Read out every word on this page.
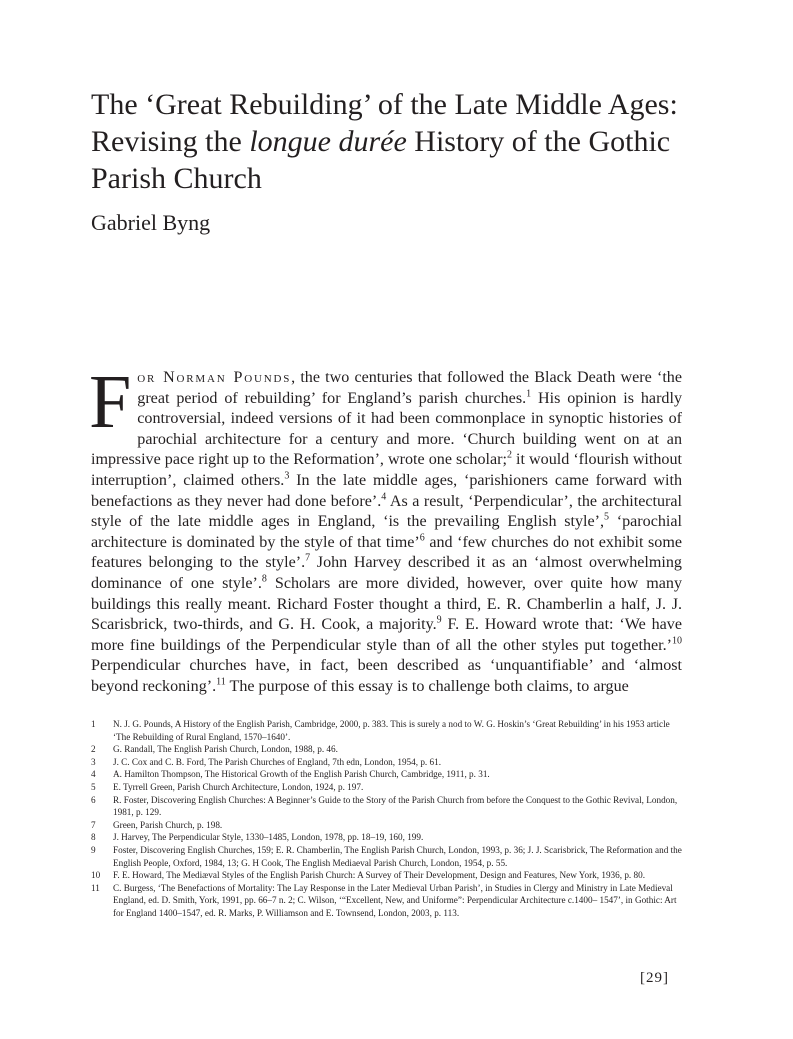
The ‘Great Rebuilding’ of the Late Middle Ages: Revising the longue durée History of the Gothic Parish Church
Gabriel Byng

For Norman Pounds, the two centuries that followed the Black Death were ‘the great period of rebuilding’ for England’s parish churches.$^1$ His opinion is hardly controversial, indeed versions of it had been commonplace in synoptic histories of parochial architecture for a century and more. ‘Church building went on at an impressive pace right up to the Reformation’, wrote one scholar;$^2$ it would ‘flourish without interruption’, claimed others.$^3$ In the late middle ages, ‘parishioners came forward with benefactions as they never had done before’.$^4$ As a result, ‘Perpendicular’, the architectural style of the late middle ages in England, ‘is the prevailing English style’,$^5$ ‘parochial architecture is dominated by the style of that time’$^6$ and ‘few churches do not exhibit some features belonging to the style’.$^7$ John Harvey described it as an ‘almost overwhelming dominance of one style’.$^8$ Scholars are more divided, however, over quite how many buildings this really meant. Richard Foster thought a third, E. R. Chamberlin a half, J. J. Scarisbrick, two-thirds, and G. H. Cook, a majority.$^9$ F. E. Howard wrote that: ‘We have more fine buildings of the Perpendicular style than of all the other styles put together.’$^{10}$ Perpendicular churches have, in fact, been described as ‘unquantifiable’ and ‘almost beyond reckoning’.$^{11}$ The purpose of this essay is to challenge both claims, to argue

1 N. J. G. Pounds, A History of the English Parish, Cambridge, 2000, p. 383. This is surely a nod to W. G. Hoskin’s ‘Great Rebuilding’ in his 1953 article ‘The Rebuilding of Rural England, 1570–1640’.
2 G. Randall, The English Parish Church, London, 1988, p. 46.
3 J. C. Cox and C. B. Ford, The Parish Churches of England, 7th edn, London, 1954, p. 61.
4 A. Hamilton Thompson, The Historical Growth of the English Parish Church, Cambridge, 1911, p. 31.
5 E. Tyrrell Green, Parish Church Architecture, London, 1924, p. 197.
6 R. Foster, Discovering English Churches: A Beginner’s Guide to the Story of the Parish Church from before the Conquest to the Gothic Revival, London, 1981, p. 129.
7 Green, Parish Church, p. 198.
8 J. Harvey, The Perpendicular Style, 1330–1485, London, 1978, pp. 18–19, 160, 199.
9 Foster, Discovering English Churches, 159; E. R. Chamberlin, The English Parish Church, London, 1993, p. 36; J. J. Scarisbrick, The Reformation and the English People, Oxford, 1984, 13; G. H Cook, The English Mediaeval Parish Church, London, 1954, p. 55.
10 F. E. Howard, The Mediæval Styles of the English Parish Church: A Survey of Their Development, Design and Features, New York, 1936, p. 80.
11 C. Burgess, ‘The Benefactions of Mortality: The Lay Response in the Later Medieval Urban Parish’, in Studies in Clergy and Ministry in Late Medieval England, ed. D. Smith, York, 1991, pp. 66–7 n. 2; C. Wilson, ‘“Excellent, New, and Uniforme”: Perpendicular Architecture c.1400– 1547’, in Gothic: Art for England 1400–1547, ed. R. Marks, P. Williamson and E. Townsend, London, 2003, p. 113.
[29]
